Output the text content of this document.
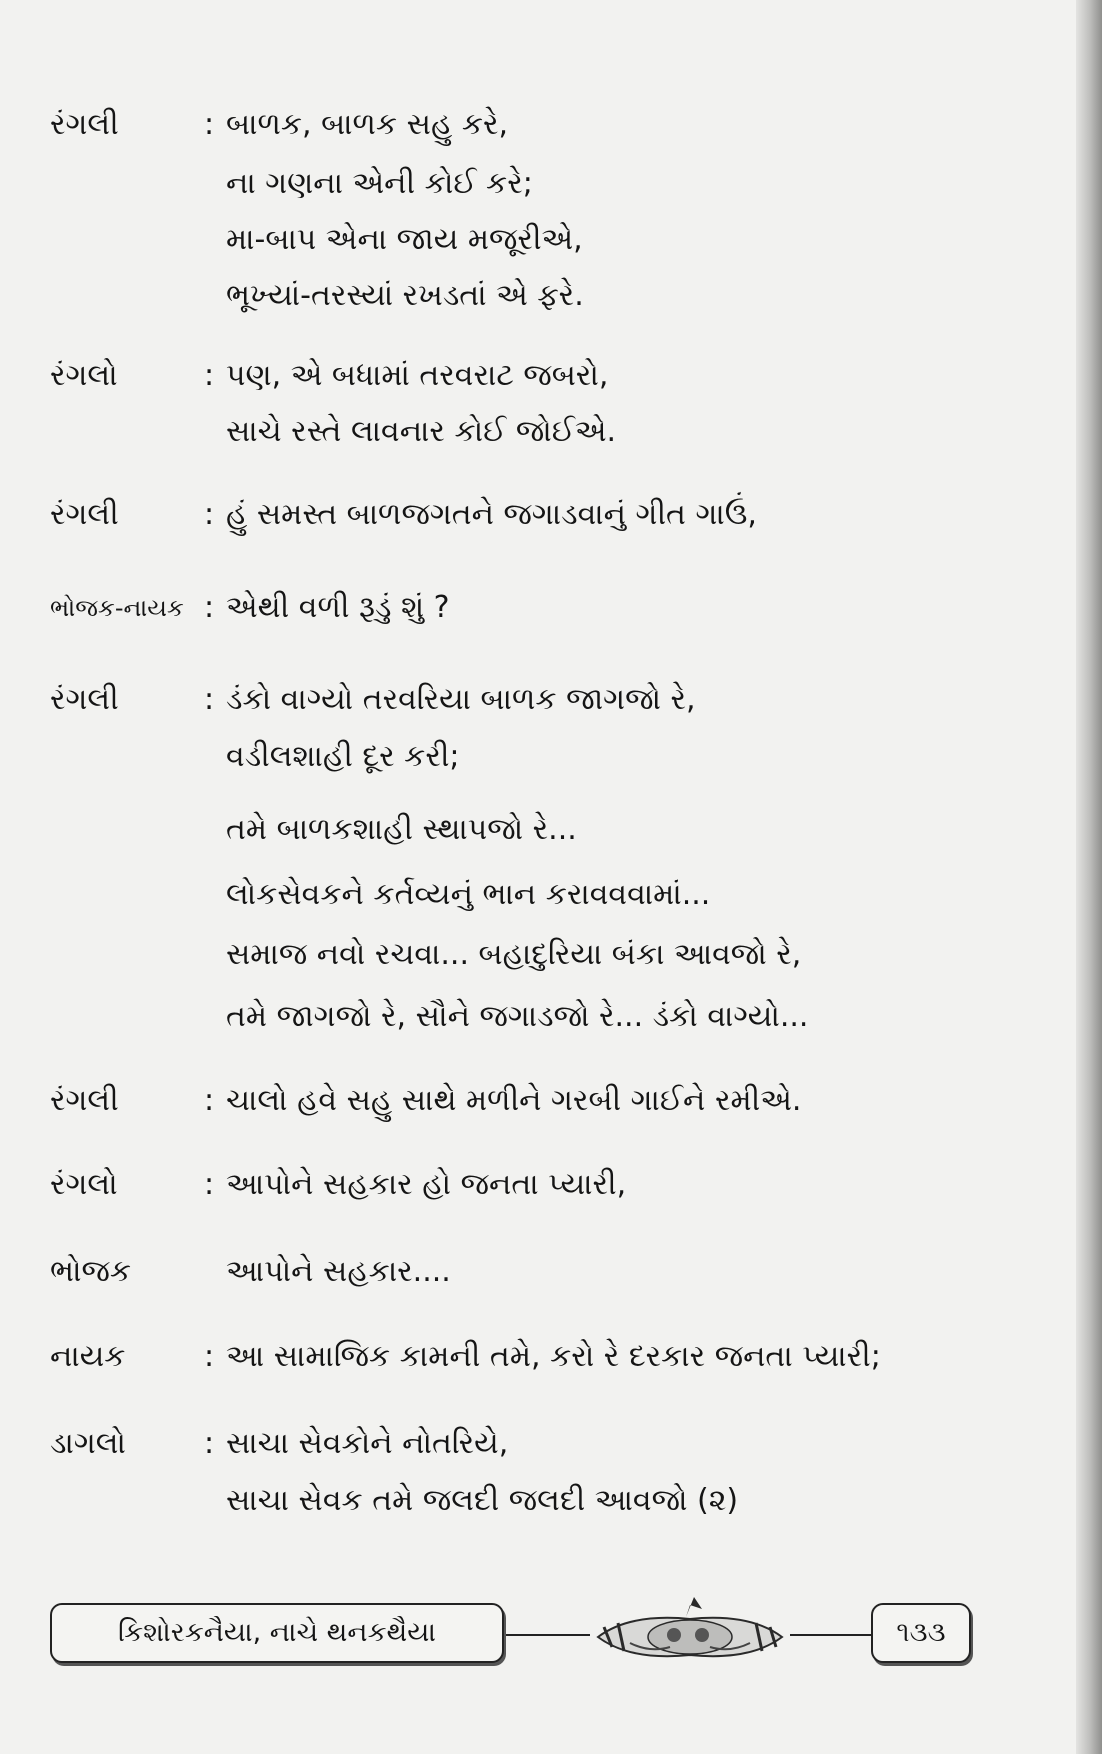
રંગલી	: બાળક, બાળક સહુ કરે,
ના ગણના એની કોઈ કરે;
મા-બાપ એના જાય મજૂરીએ,
ભૂખ્યાં-તરસ્યાં રખડતાં એ ફરે.
રંગલો	: પણ, એ બધામાં તરવરાટ જબરો,
સાચે રસ્તે લાવનાર કોઈ જોઈએ.
રંગલી	: હું સમસ્ત બાળજગતને જગાડવાનું ગીત ગાઉં,
ભોજક-નાયક : એથી વળી રૂડું શું ?
રંગલી	: ડંકો વાગ્યો તરવરિયા બાળક જાગજો રે,
વડીલશાહી દૂર કરી;
તમે બાળકશાહી સ્થાપજો રે...
લોકસેવકને કર્તવ્યનું ભાન કરાવવવામાં...
સમાજ નવો રચવા... બહાદુરિયા બંકા આવજો રે,
તમે જાગજો રે, સૌને જગાડજો રે... ડંકો વાગ્યો...
રંગલી	: ચાલો હવે સહુ સાથે મળીને ગરબી ગાઈને રમીએ.
રંગલો	: આપોને સહકાર હો જનતા પ્યારી,
ભોજક	આપોને સહકાર....
નાયક	: આ સામાજિક કામની તમે, કરો રે દરકાર જનતા પ્યારી;
ડાગલો	: સાચા સેવકોને નોતરિયે,
સાચા સેવક તમે જલદી જલદી આવજો (૨)
કિશોરકનૈયા, નાચે થનકથૈયા	૧૩૩
